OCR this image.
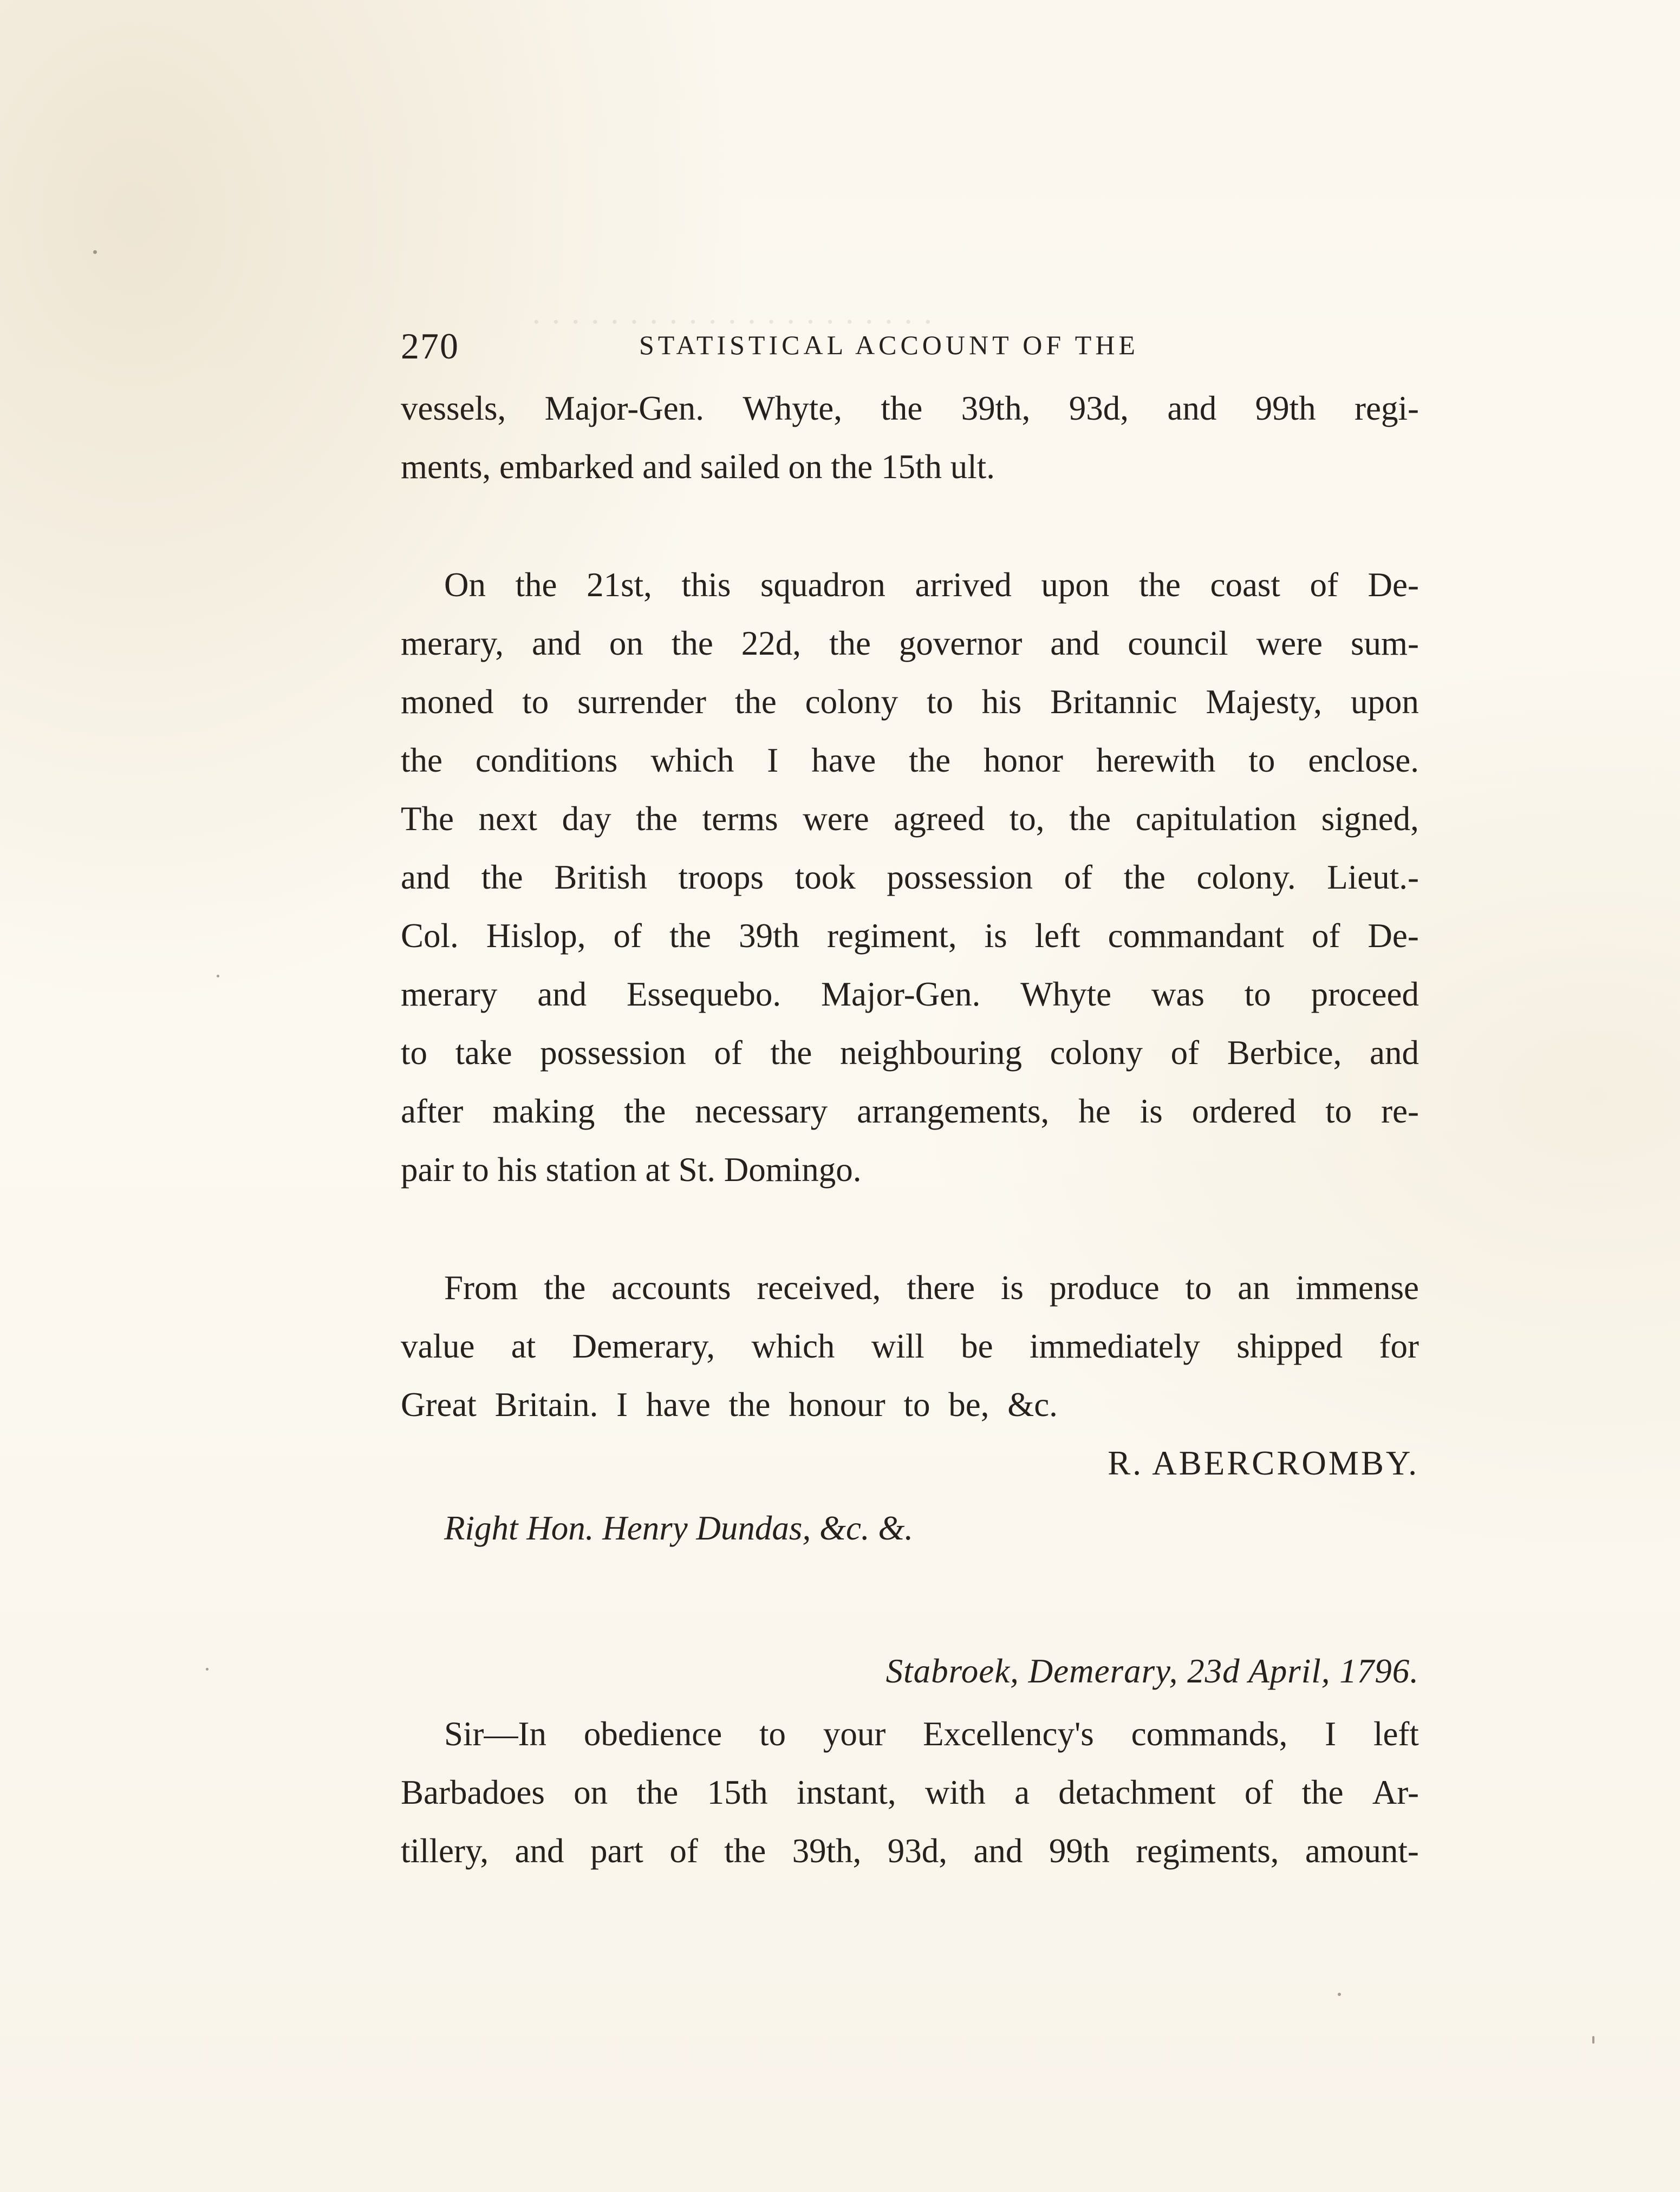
· · · · · · · · · · · · · · · · · · · · ·
270	STATISTICAL ACCOUNT OF THE
vessels, Major-Gen. Whyte, the 39th, 93d, and 99th regi-
ments, embarked and sailed on the 15th ult.
On the 21st, this squadron arrived upon the coast of De-
merary, and on the 22d, the governor and council were sum-
moned to surrender the colony to his Britannic Majesty, upon
the conditions which I have the honor herewith to enclose.
The next day the terms were agreed to, the capitulation signed,
and the British troops took possession of the colony. Lieut.-
Col. Hislop, of the 39th regiment, is left commandant of De-
merary and Essequebo. Major-Gen. Whyte was to proceed
to take possession of the neighbouring colony of Berbice, and
after making the necessary arrangements, he is ordered to re-
pair to his station at St. Domingo.
From the accounts received, there is produce to an immense
value at Demerary, which will be immediately shipped for
Great Britain. I have the honour to be, &c.
R. ABERCROMBY.
Right Hon. Henry Dundas, &c. &.
Stabroek, Demerary, 23d April, 1796.
Sir—In obedience to your Excellency's commands, I left
Barbadoes on the 15th instant, with a detachment of the Ar-
tillery, and part of the 39th, 93d, and 99th regiments, amount-
